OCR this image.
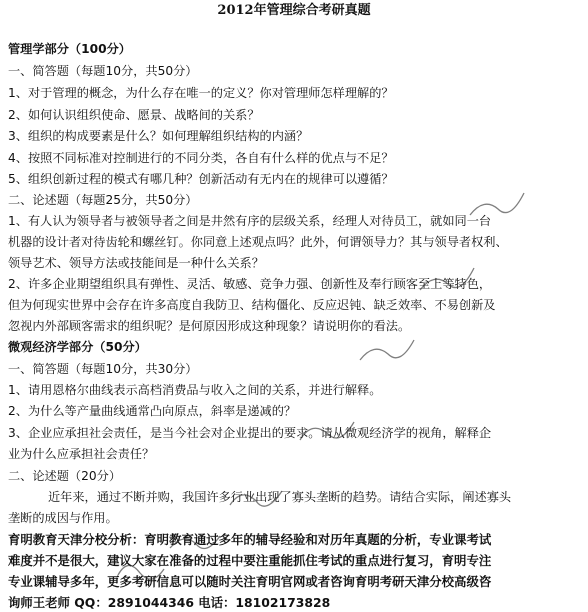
2012年管理综合考研真题
管理学部分（100分）
一、简答题（每题10分，共50分）
1、对于管理的概念，为什么存在唯一的定义？你对管理师怎样理解的？
2、如何认识组织使命、愿景、战略间的关系？
3、组织的构成要素是什么？如何理解组织结构的内涵？
4、按照不同标准对控制进行的不同分类，各自有什么样的优点与不足？
5、组织创新过程的模式有哪几种？创新活动有无内在的规律可以遵循？
二、论述题（每题25分，共50分）
1、有人认为领导者与被领导者之间是井然有序的层级关系，经理人对待员工，就如同一台
机器的设计者对待齿轮和螺丝钉。你同意上述观点吗？此外，何谓领导力？其与领导者权利、
领导艺术、领导方法或技能间是一种什么关系？
2、许多企业期望组织具有弹性、灵活、敏感、竞争力强、创新性及奉行顾客至上等特色，
但为何现实世界中会存在许多高度自我防卫、结构僵化、反应迟钝、缺乏效率、不易创新及
忽视内外部顾客需求的组织呢？是何原因形成这种现象？请说明你的看法。
微观经济学部分（50分）
一、简答题（每题10分，共30分）
1、请用恩格尔曲线表示高档消费品与收入之间的关系，并进行解释。
2、为什么等产量曲线通常凸向原点，斜率是递减的？
3、企业应承担社会责任，是当今社会对企业提出的要求。请从微观经济学的视角，解释企
业为什么应承担社会责任？
二、论述题（20分）
近年来，通过不断并购，我国许多行业出现了寡头垄断的趋势。请结合实际，阐述寡头
垄断的成因与作用。
育明教育天津分校分析：育明教育通过多年的辅导经验和对历年真题的分析，专业课考试
难度并不是很大，建议大家在准备的过程中要注重能抓住考试的重点进行复习，育明专注
专业课辅导多年，更多考研信息可以随时关注育明官网或者咨询育明考研天津分校高级咨
询师王老师 QQ：2891044346 电话：18102173828
